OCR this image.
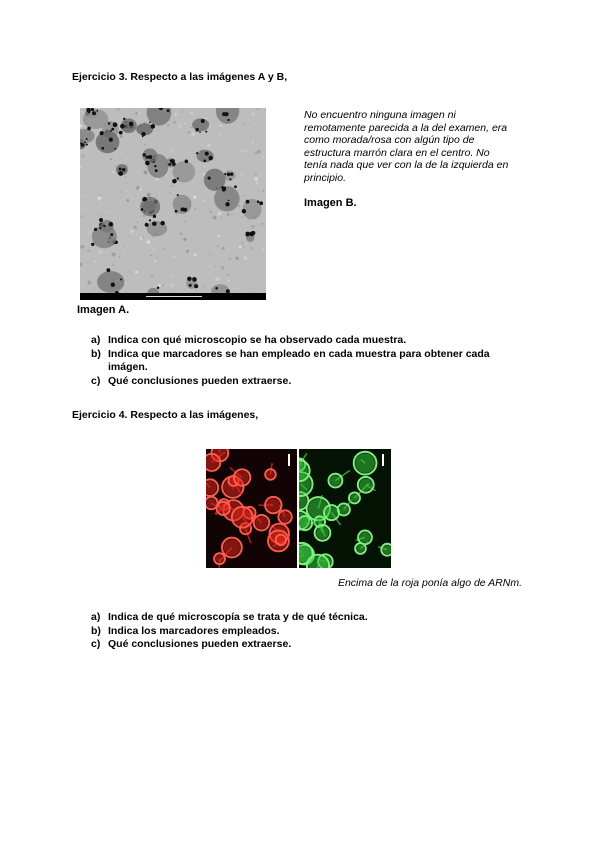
Ejercicio 3. Respecto a las imágenes A y B,
Imagen A.
No encuentro ninguna imagen ni
remotamente parecida a la del examen, era
como morada/rosa con algún tipo de
estructura marrón clara en el centro. No
tenía nada que ver con la de la izquierda en
principio.
Imagen B.
a) Indica con qué microscopio se ha observado cada muestra.
b) Indica que marcadores se han empleado en cada muestra para obtener cada imágen.
c) Qué conclusiones pueden extraerse.
Ejercicio 4. Respecto a las imágenes,
Encima de la roja ponía algo de ARNm.
a) Indica de qué microscopía se trata y de qué técnica.
b) Indica los marcadores empleados.
c) Qué conclusiones pueden extraerse.
